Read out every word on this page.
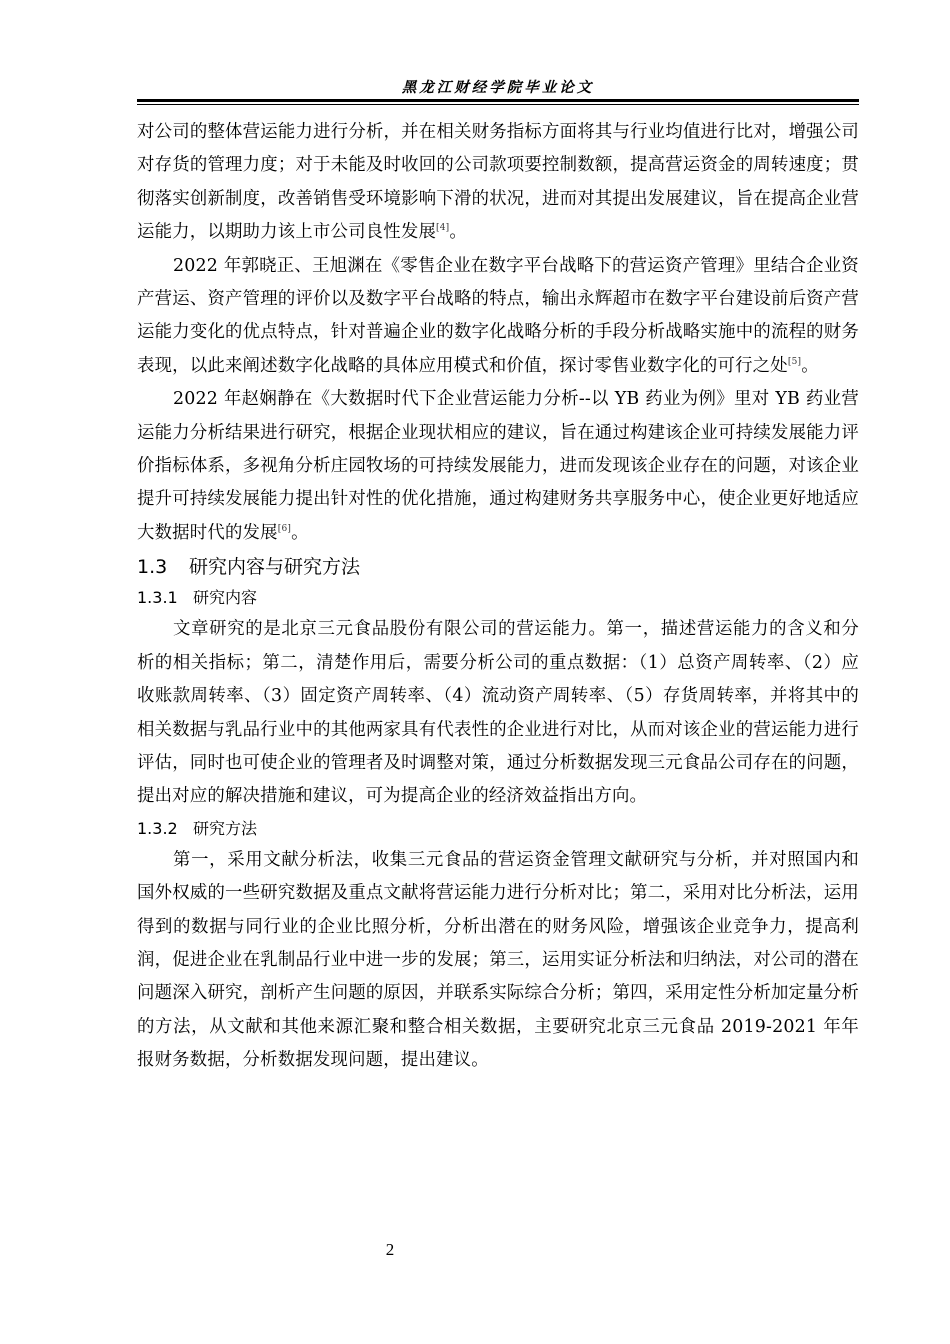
黑龙江财经学院毕业论文

对公司的整体营运能力进行分析，并在相关财务指标方面将其与行业均值进行比对，增强公司对存货的管理力度；对于未能及时收回的公司款项要控制数额，提高营运资金的周转速度；贯彻落实创新制度，改善销售受环境影响下滑的状况，进而对其提出发展建议，旨在提高企业营运能力，以期助力该上市公司良性发展[4]。

2022 年郭晓正、王旭渊在《零售企业在数字平台战略下的营运资产管理》里结合企业资产营运、资产管理的评价以及数字平台战略的特点，输出永辉超市在数字平台建设前后资产营运能力变化的优点特点，针对普遍企业的数字化战略分析的手段分析战略实施中的流程的财务表现，以此来阐述数字化战略的具体应用模式和价值，探讨零售业数字化的可行之处[5]。

2022 年赵娴静在《大数据时代下企业营运能力分析--以 YB 药业为例》里对 YB 药业营运能力分析结果进行研究，根据企业现状相应的建议，旨在通过构建该企业可持续发展能力评价指标体系，多视角分析庄园牧场的可持续发展能力，进而发现该企业存在的问题，对该企业提升可持续发展能力提出针对性的优化措施，通过构建财务共享服务中心，使企业更好地适应大数据时代的发展[6]。

1.3 研究内容与研究方法
1.3.1 研究内容

文章研究的是北京三元食品股份有限公司的营运能力。第一，描述营运能力的含义和分析的相关指标；第二，清楚作用后，需要分析公司的重点数据：（1）总资产周转率、（2）应收账款周转率、（3）固定资产周转率、（4）流动资产周转率、（5）存货周转率，并将其中的相关数据与乳品行业中的其他两家具有代表性的企业进行对比，从而对该企业的营运能力进行评估，同时也可使企业的管理者及时调整对策，通过分析数据发现三元食品公司存在的问题，提出对应的解决措施和建议，可为提高企业的经济效益指出方向。

1.3.2 研究方法

第一，采用文献分析法，收集三元食品的营运资金管理文献研究与分析，并对照国内和国外权威的一些研究数据及重点文献将营运能力进行分析对比；第二，采用对比分析法，运用得到的数据与同行业的企业比照分析，分析出潜在的财务风险，增强该企业竞争力，提高利润，促进企业在乳制品行业中进一步的发展；第三，运用实证分析法和归纳法，对公司的潜在问题深入研究，剖析产生问题的原因，并联系实际综合分析；第四，采用定性分析加定量分析的方法，从文献和其他来源汇聚和整合相关数据，主要研究北京三元食品 2019-2021 年年报财务数据，分析数据发现问题，提出建议。

2
